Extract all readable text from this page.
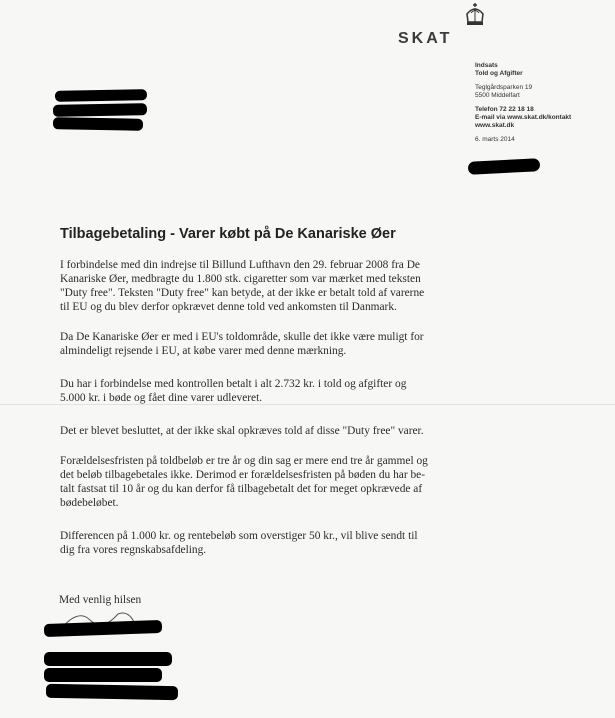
SKAT
Indsats
Told og Afgifter
Teglgårdsparken 19
5500 Middelfart
Telefon 72 22 18 18
E-mail via www.skat.dk/kontakt
www.skat.dk
6. marts 2014
Tilbagebetaling - Varer købt på De Kanariske Øer

I forbindelse med din indrejse til Billund Lufthavn den 29. februar 2008 fra De
Kanariske Øer, medbragte du 1.800 stk. cigaretter som var mærket med teksten
"Duty free". Teksten "Duty free" kan betyde, at der ikke er betalt told af varerne
til EU og du blev derfor opkrævet denne told ved ankomsten til Danmark.

Da De Kanariske Øer er med i EU's toldområde, skulle det ikke være muligt for
almindeligt rejsende i EU, at købe varer med denne mærkning.

Du har i forbindelse med kontrollen betalt i alt 2.732 kr. i told og afgifter og
5.000 kr. i bøde og fået dine varer udleveret.

Det er blevet besluttet, at der ikke skal opkræves told af disse "Duty free" varer.

Forældelsesfristen på toldbeløb er tre år og din sag er mere end tre år gammel og
det beløb tilbagebetales ikke. Derimod er forældelsesfristen på bøden du har be-
talt fastsat til 10 år og du kan derfor få tilbagebetalt det for meget opkrævede af
bødebeløbet.

Differencen på 1.000 kr. og rentebeløb som overstiger 50 kr., vil blive sendt til
dig fra vores regnskabsafdeling.

Med venlig hilsen
